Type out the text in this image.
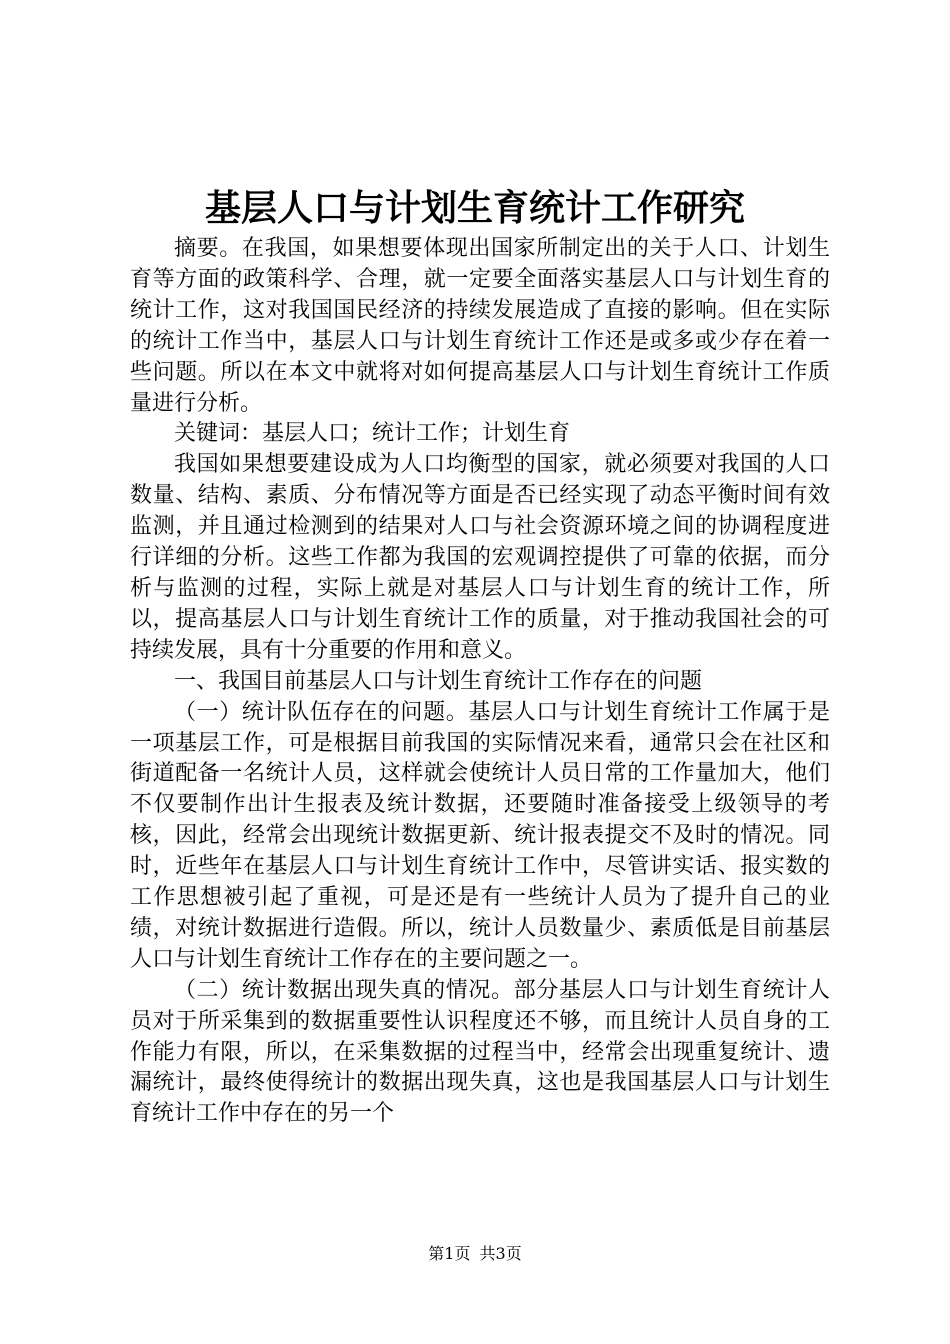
基层人口与计划生育统计工作研究

摘要。在我国，如果想要体现出国家所制定出的关于人口、计划生育等方面的政策科学、合理，就一定要全面落实基层人口与计划生育的统计工作，这对我国国民经济的持续发展造成了直接的影响。但在实际的统计工作当中，基层人口与计划生育统计工作还是或多或少存在着一些问题。所以在本文中就将对如何提高基层人口与计划生育统计工作质量进行分析。

关键词：基层人口；统计工作；计划生育

我国如果想要建设成为人口均衡型的国家，就必须要对我国的人口数量、结构、素质、分布情况等方面是否已经实现了动态平衡时间有效监测，并且通过检测到的结果对人口与社会资源环境之间的协调程度进行详细的分析。这些工作都为我国的宏观调控提供了可靠的依据，而分析与监测的过程，实际上就是对基层人口与计划生育的统计工作，所以，提高基层人口与计划生育统计工作的质量，对于推动我国社会的可持续发展，具有十分重要的作用和意义。

一、我国目前基层人口与计划生育统计工作存在的问题

（一）统计队伍存在的问题。基层人口与计划生育统计工作属于是一项基层工作，可是根据目前我国的实际情况来看，通常只会在社区和街道配备一名统计人员，这样就会使统计人员日常的工作量加大，他们不仅要制作出计生报表及统计数据，还要随时准备接受上级领导的考核，因此，经常会出现统计数据更新、统计报表提交不及时的情况。同时，近些年在基层人口与计划生育统计工作中，尽管讲实话、报实数的工作思想被引起了重视，可是还是有一些统计人员为了提升自己的业绩，对统计数据进行造假。所以，统计人员数量少、素质低是目前基层人口与计划生育统计工作存在的主要问题之一。

（二）统计数据出现失真的情况。部分基层人口与计划生育统计人员对于所采集到的数据重要性认识程度还不够，而且统计人员自身的工作能力有限，所以，在采集数据的过程当中，经常会出现重复统计、遗漏统计，最终使得统计的数据出现失真，这也是我国基层人口与计划生育统计工作中存在的另一个

第1页 共3页
